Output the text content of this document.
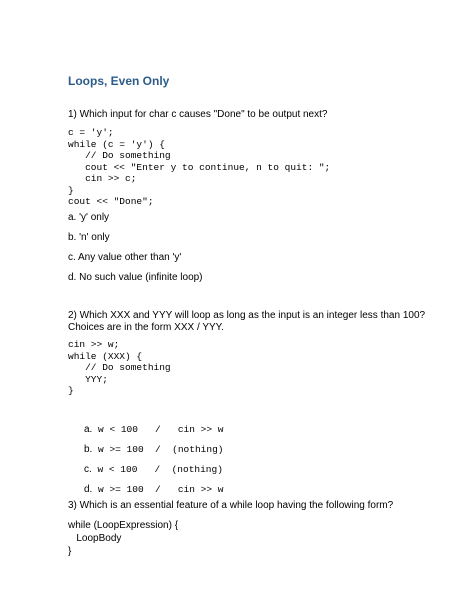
Loops, Even Only
1) Which input for char c causes "Done" to be output next?
c = 'y';
while (c = 'y') {
// Do something
cout << "Enter y to continue, n to quit: ";
cin >> c;
}
cout << "Done";
a. 'y' only
b. 'n' only
c. Any value other than 'y'
d. No such value (infinite loop)
2) Which XXX and YYY will loop as long as the input is an integer less than 100?
Choices are in the form XXX / YYY.
cin >> w;
while (XXX) {
// Do something
YYY;
}

a. w < 100   /   cin >> w

b. w >= 100  /  (nothing)

c. w < 100   /  (nothing)

d. w >= 100  /   cin >> w

3) Which is an essential feature of a while loop having the following form?
while (LoopExpression) {
LoopBody
}
